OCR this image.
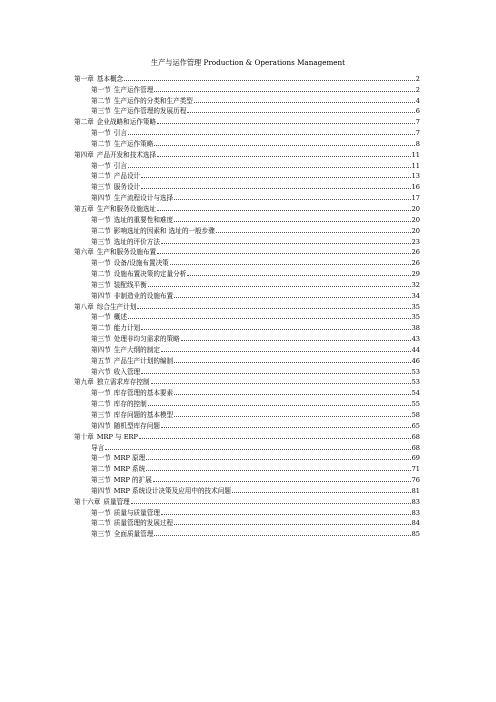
生产与运作管理 Production & Operations Management
第一章 基本概念	2
第一节 生产运作管理	2
第二节 生产运作的分类和生产类型	4
第三节 生产运作管理的发展历程	6
第二章 企业战略和运作策略	7
第一节 引言	7
第二节 生产运作策略	8
第四章 产品开发和技术选择	11
第一节 引言	11
第二节 产品设计	13
第三节 服务设计	16
第四节 生产流程设计与选择	17
第五章 生产和服务设施选址	20
第一节 选址的重要性和难度	20
第二节 影响选址的因素和 选址的一般步骤	20
第三节 选址的评价方法	23
第六章 生产和服务设施布置	26
第一节 设备/设施布置决策	26
第二节 设施布置决策的定量分析	29
第三节 装配线平衡	32
第四节 非制造业的设施布置	34
第八章 综合生产计划	35
第一节 概述	35
第二节 能力计划	38
第三节 处理非均匀需求的策略	43
第四节 生产大纲的制定	44
第五节 产品生产计划的编制	46
第六节 收入管理	53
第九章 独立需求库存控制	53
第一节 库存管理的基本要素	54
第二节 库存的控制	55
第三节 库存问题的基本模型	58
第四节 随机型库存问题	65
第十章 MRP 与 ERP	68
导言	68
第一节 MRP 原理	69
第二节 MRP 系统	71
第三节 MRP 的扩展	76
第四节 MRP 系统设计决策及应用中的技术问题	81
第十六章 质量管理	83
第一节 质量与质量管理	83
第二节 质量管理的发展过程	84
第三节 全面质量管理	85
